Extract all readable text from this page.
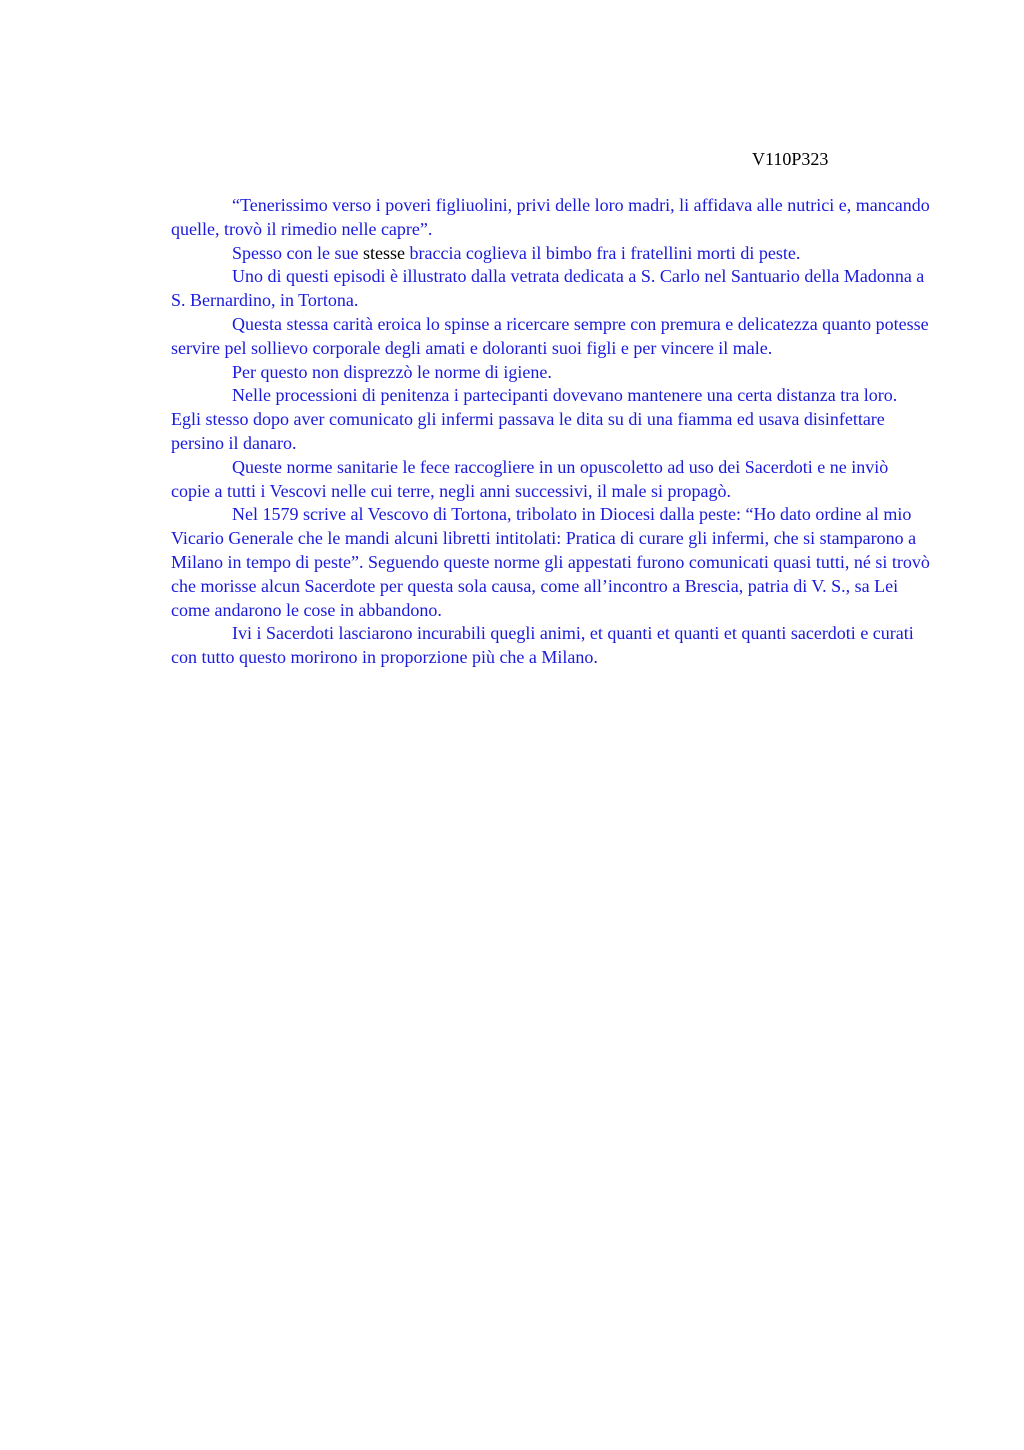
V110P323

“Tenerissimo verso i poveri figliuolini, privi delle loro madri, li affidava alle nutrici e, mancando quelle, trovò il rimedio nelle capre”.

Spesso con le sue stesse braccia coglieva il bimbo fra i fratellini morti di peste.

Uno di questi episodi è illustrato dalla vetrata dedicata a S. Carlo nel Santuario della Madonna a S. Bernardino, in Tortona.

Questa stessa carità eroica lo spinse a ricercare sempre con premura e delicatezza quanto potesse servire pel sollievo corporale degli amati e doloranti suoi figli e per vincere il male.

Per questo non disprezzò le norme di igiene.

Nelle processioni di penitenza i partecipanti dovevano mantenere una certa distanza tra loro. Egli stesso dopo aver comunicato gli infermi passava le dita su di una fiamma ed usava disinfettare persino il danaro.

Queste norme sanitarie le fece raccogliere in un opuscoletto ad uso dei Sacerdoti e ne inviò copie a tutti i Vescovi nelle cui terre, negli anni successivi, il male si propagò.

Nel 1579 scrive al Vescovo di Tortona, tribolato in Diocesi dalla peste: “Ho dato ordine al mio Vicario Generale che le mandi alcuni libretti intitolati: Pratica di curare gli infermi, che si stamparono a Milano in tempo di peste”. Seguendo queste norme gli appestati furono comunicati quasi tutti, né si trovò che morisse alcun Sacerdote per questa sola causa, come all’incontro a Brescia, patria di V. S., sa Lei come andarono le cose in abbandono.

Ivi i Sacerdoti lasciarono incurabili quegli animi, et quanti et quanti et quanti sacerdoti e curati con tutto questo morirono in proporzione più che a Milano.
